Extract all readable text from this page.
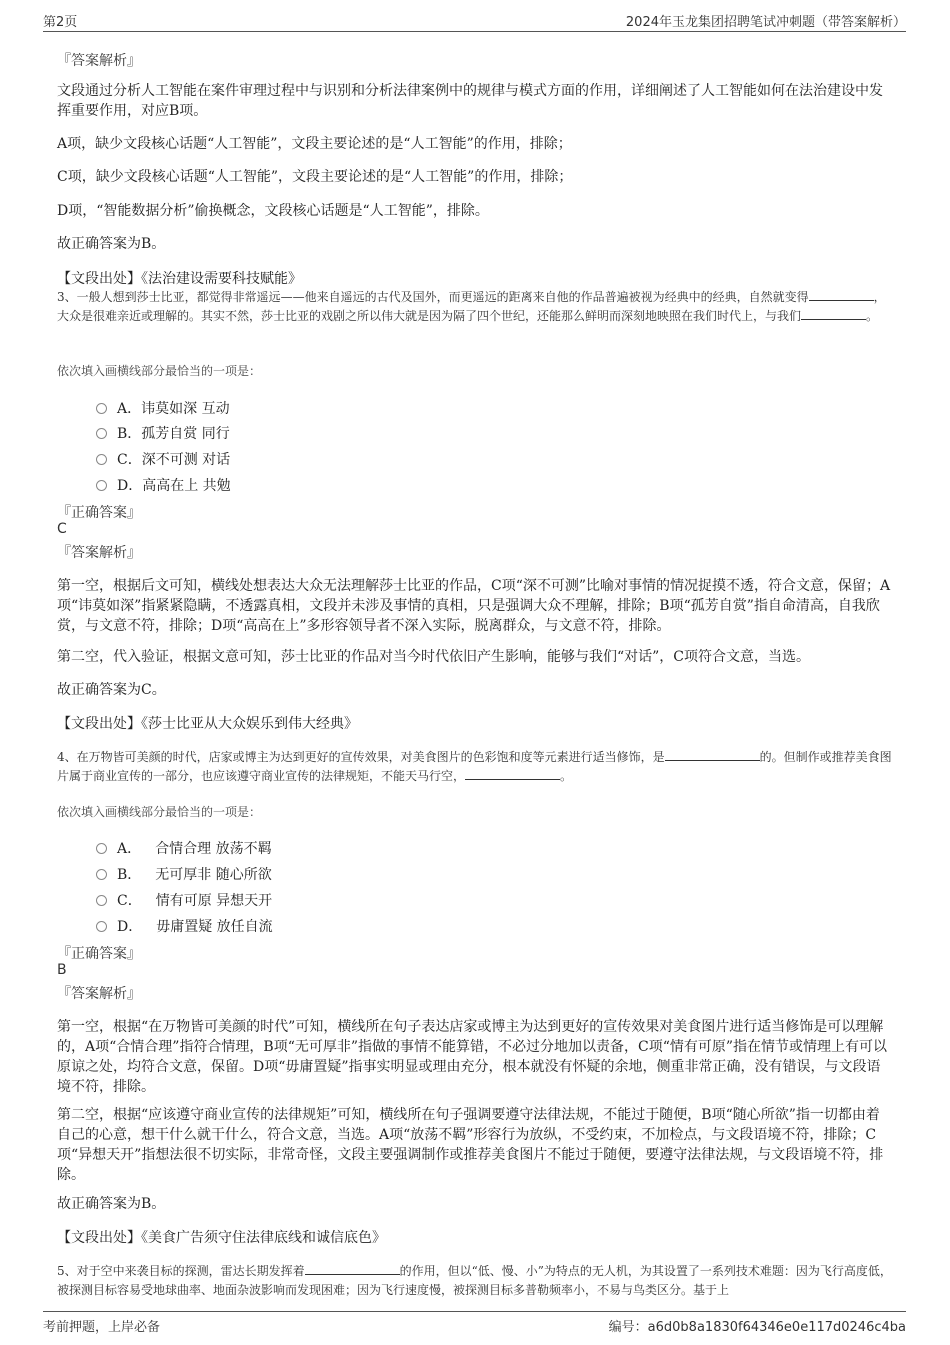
第2页	2024年玉龙集团招聘笔试冲刺题（带答案解析）
『答案解析』
文段通过分析人工智能在案件审理过程中与识别和分析法律案例中的规律与模式方面的作用，详细阐述了人工智能如何在法治建设中发挥重要作用，对应B项。
A项，缺少文段核心话题“人工智能”，文段主要论述的是“人工智能”的作用，排除；
C项，缺少文段核心话题“人工智能”，文段主要论述的是“人工智能”的作用，排除；
D项，“智能数据分析”偷换概念，文段核心话题是“人工智能”，排除。
故正确答案为B。
【文段出处】《法治建设需要科技赋能》
3、一般人想到莎士比亚，都觉得非常遥远——他来自遥远的古代及国外，而更遥远的距离来自他的作品普遍被视为经典中的经典，自然就变得	，大众是很难亲近或理解的。其实不然，莎士比亚的戏剧之所以伟大就是因为隔了四个世纪，还能那么鲜明而深刻地映照在我们时代上，与我们	。
依次填入画横线部分最恰当的一项是：
A． 讳莫如深 互动
B． 孤芳自赏 同行
C． 深不可测 对话
D． 高高在上 共勉
『正确答案』
C
『答案解析』
第一空，根据后文可知，横线处想表达大众无法理解莎士比亚的作品，C项“深不可测”比喻对事情的情况捉摸不透，符合文意，保留；A项“讳莫如深”指紧紧隐瞒，不透露真相，文段并未涉及事情的真相，只是强调大众不理解，排除；B项“孤芳自赏”指自命清高，自我欣赏，与文意不符，排除；D项“高高在上”多形容领导者不深入实际，脱离群众，与文意不符，排除。
第二空，代入验证，根据文意可知，莎士比亚的作品对当今时代依旧产生影响，能够与我们“对话”，C项符合文意，当选。
故正确答案为C。
【文段出处】《莎士比亚从大众娱乐到伟大经典》
4、在万物皆可美颜的时代，店家或博主为达到更好的宣传效果，对美食图片的色彩饱和度等元素进行适当修饰，是	的。但制作或推荐美食图片属于商业宣传的一部分，也应该遵守商业宣传的法律规矩，不能天马行空，	。
依次填入画横线部分最恰当的一项是：
A． 合情合理 放荡不羁
B． 无可厚非 随心所欲
C． 情有可原 异想天开
D． 毋庸置疑 放任自流
『正确答案』
B
『答案解析』
第一空，根据“在万物皆可美颜的时代”可知，横线所在句子表达店家或博主为达到更好的宣传效果对美食图片进行适当修饰是可以理解的，A项“合情合理”指符合情理，B项“无可厚非”指做的事情不能算错，不必过分地加以责备，C项“情有可原”指在情节或情理上有可以原谅之处，均符合文意，保留。D项“毋庸置疑”指事实明显或理由充分，根本就没有怀疑的余地，侧重非常正确，没有错误，与文段语境不符，排除。
第二空，根据“应该遵守商业宣传的法律规矩”可知，横线所在句子强调要遵守法律法规，不能过于随便，B项“随心所欲”指一切都由着自己的心意，想干什么就干什么，符合文意，当选。A项“放荡不羁”形容行为放纵，不受约束，不加检点，与文段语境不符，排除；C项“异想天开”指想法很不切实际，非常奇怪，文段主要强调制作或推荐美食图片不能过于随便，要遵守法律法规，与文段语境不符，排除。
故正确答案为B。
【文段出处】《美食广告须守住法律底线和诚信底色》
5、对于空中来袭目标的探测，雷达长期发挥着	的作用，但以“低、慢、小”为特点的无人机，为其设置了一系列技术难题：因为飞行高度低，被探测目标容易受地球曲率、地面杂波影响而发现困难；因为飞行速度慢，被探测目标多普勒频率小，不易与鸟类区分。基于上
考前押题，上岸必备	编号：a6d0b8a1830f64346e0e117d0246c4ba
